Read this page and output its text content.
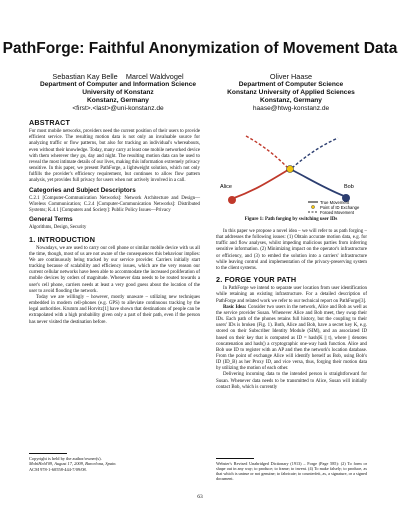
PathForge: Faithful Anonymization of Movement Data
Sebastian Kay Belle Marcel Waldvogel
Department of Computer and Information Science
University of Konstanz
Konstanz, Germany
<first>.<last>@uni-konstanz.de
Oliver Haase
Department of Computer Science
Konstanz University of Applied Sciences
Konstanz, Germany
haase@htwg-konstanz.de
ABSTRACT

For most mobile networks, providers need the current position of their users to provide efficient service. The resulting motion data is not only an invaluable source for analyzing traffic or flow patterns, but also for tracking an individual's whereabouts, even without their knowledge. Today, many carry at least one mobile networked device with them wherever they go, day and night. The resulting motion data can be used to reveal the most intimate details of our lives, making this information extremely privacy sensitive. In this paper, we present PathForge, a lightweight solution, which not only fulfills the provider's efficiency requirement, but continues to allow flow pattern analysis, yet provides full privacy for users when not actively involved in a call.

Categories and Subject Descriptors

C.2.1 [Computer-Communication Networks]: Network Architecture and Design—Wireless Communication; C.2.4 [Computer-Communication Networks]: Distributed Systems; K.4.1 [Computers and Society]: Public Policy Issues—Privacy

General Terms

Algorithms, Design, Security

1. INTRODUCTION

Nowadays, we are used to carry our cell phone or similar mobile device with us all the time, though, most of us are not aware of the consequences this behaviour implies: We are continuously being tracked by our service provider. Carriers initially start tracking because of scalability and efficiency issues, which are the very reason our current cellular networks have been able to accommodate the increased proliferation of mobile devices by orders of magnitude. Whenever data needs to be routed towards a user's cell phone, carriers needs at least a very good guess about the location of the user to avoid flooding the network.

Today we are willingly – however, mostly unaware – utilizing new techniques embedded in modern cell-phones (e.g. GPS) to alleviate continuous tracking by the legal authorities. Krumm and Horvitz[1] have shown that destinations of people can be extrapolated with a high probability given only a part of their path, even if the person has never visited the destination before.

Copyright is held by the author/owner(s).
MobiHeld'09, August 17, 2009, Barcelona, Spain.
ACM 978-1-60558-444-7/09/08.
Alice	Bob
True Movement
Point of ID Exchange
Forged Movement
Figure 1: Path forging by switching user IDs

In this paper we propose a novel idea – we will refer to as path forging – that addresses the following issues: (1) Obtain accurate motion data, e.g. for traffic and flow analyses, whilst impeding malicious parties from inferring sensitive information. (2) Minimizing impact on the operator's infrastructure or efficiency, and (3) to embed the solution into a carriers' infrastructure while leaving control and implementation of the privacy-preserving system to the client systems.

2. FORGE YOUR PATH

In PathForge we intend to separate user location from user identification while retaining an existing infrastructure. For a detailed description of PathForge and related work we refer to our technical report on PathForge[3].

Basic Idea: Consider two users in the network, Alice and Bob as well as the service provider Susan. Whenever Alice and Bob meet, they swap their IDs. Each path of the phones retains full history, but the coupling to their users' IDs is broken (Fig. 1). Both, Alice and Bob, have a secret key K, e.g. stored on their Subscriber Identity Module (SIM), and an associated ID based on their key that is computed as ID = hash(K || t), where || denotes concatenation and hash() a cryptographic one-way hash function. Alice and Bob use ID to register with an AP and then the network's location database. From the point of exchange Alice will identify herself as Bob, using Bob's ID (ID_B) as her Proxy ID, and vice versa, thus, forging their motion data by utilizing the motion of each other.

Delivering incoming data to the intended person is straightforward for Susan. Whenever data needs to be transmitted to Alice, Susan will initially contact Bob, which is currently

Webster's Revised Unabridged Dictionary (1913) – Forge (Page 585): (2) To form or shape out in any way; to produce; to frame; to invent. (4) To make falsely; to produce, as that which is untrue or not genuine; to fabricate; to counterfeit, as, a signature, or a signed document.
63
